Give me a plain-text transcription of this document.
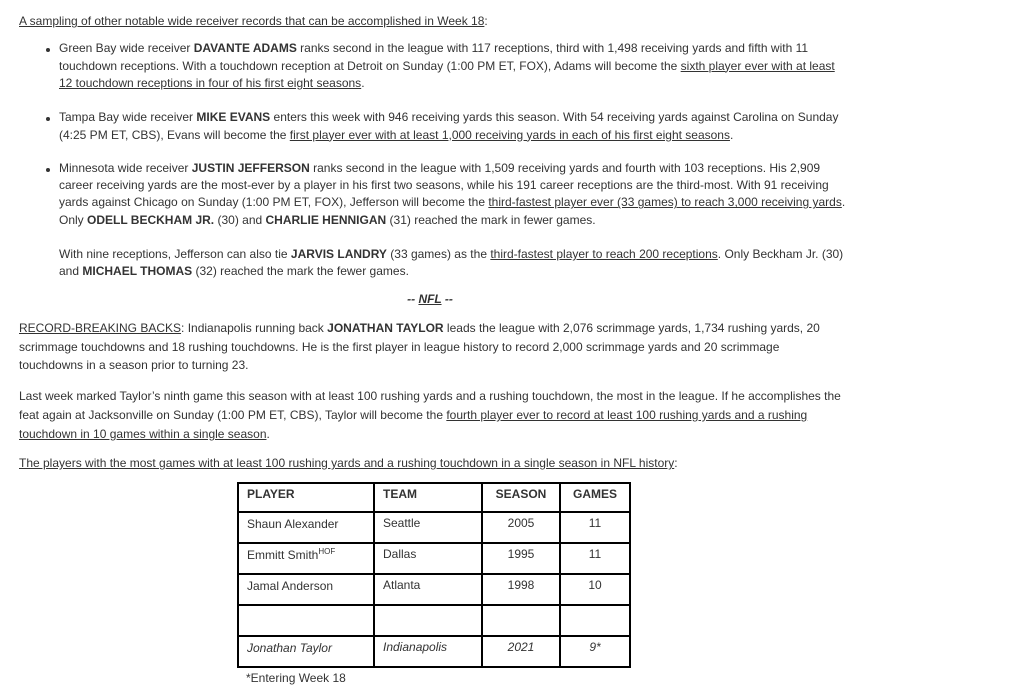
A sampling of other notable wide receiver records that can be accomplished in Week 18:

Green Bay wide receiver DAVANTE ADAMS ranks second in the league with 117 receptions, third with 1,498 receiving yards and fifth with 11 touchdown receptions. With a touchdown reception at Detroit on Sunday (1:00 PM ET, FOX), Adams will become the sixth player ever with at least 12 touchdown receptions in four of his first eight seasons.

Tampa Bay wide receiver MIKE EVANS enters this week with 946 receiving yards this season. With 54 receiving yards against Carolina on Sunday (4:25 PM ET, CBS), Evans will become the first player ever with at least 1,000 receiving yards in each of his first eight seasons.

Minnesota wide receiver JUSTIN JEFFERSON ranks second in the league with 1,509 receiving yards and fourth with 103 receptions. His 2,909 career receiving yards are the most-ever by a player in his first two seasons, while his 191 career receptions are the third-most. With 91 receiving yards against Chicago on Sunday (1:00 PM ET, FOX), Jefferson will become the third-fastest player ever (33 games) to reach 3,000 receiving yards. Only ODELL BECKHAM JR. (30) and CHARLIE HENNIGAN (31) reached the mark in fewer games.

With nine receptions, Jefferson can also tie JARVIS LANDRY (33 games) as the third-fastest player to reach 200 receptions. Only Beckham Jr. (30) and MICHAEL THOMAS (32) reached the mark the fewer games.

-- NFL --

RECORD-BREAKING BACKS: Indianapolis running back JONATHAN TAYLOR leads the league with 2,076 scrimmage yards, 1,734 rushing yards, 20 scrimmage touchdowns and 18 rushing touchdowns. He is the first player in league history to record 2,000 scrimmage yards and 20 scrimmage touchdowns in a season prior to turning 23.

Last week marked Taylor’s ninth game this season with at least 100 rushing yards and a rushing touchdown, the most in the league. If he accomplishes the feat again at Jacksonville on Sunday (1:00 PM ET, CBS), Taylor will become the fourth player ever to record at least 100 rushing yards and a rushing touchdown in 10 games within a single season.

The players with the most games with at least 100 rushing yards and a rushing touchdown in a single season in NFL history:

PLAYER	TEAM	SEASON	GAMES
Shaun Alexander	Seattle	2005	11
Emmitt Smith$^{HOF}$	Dallas	1995	11
Jamal Anderson	Atlanta	1998	10

Jonathan Taylor	Indianapolis	2021	9*

*Entering Week 18
